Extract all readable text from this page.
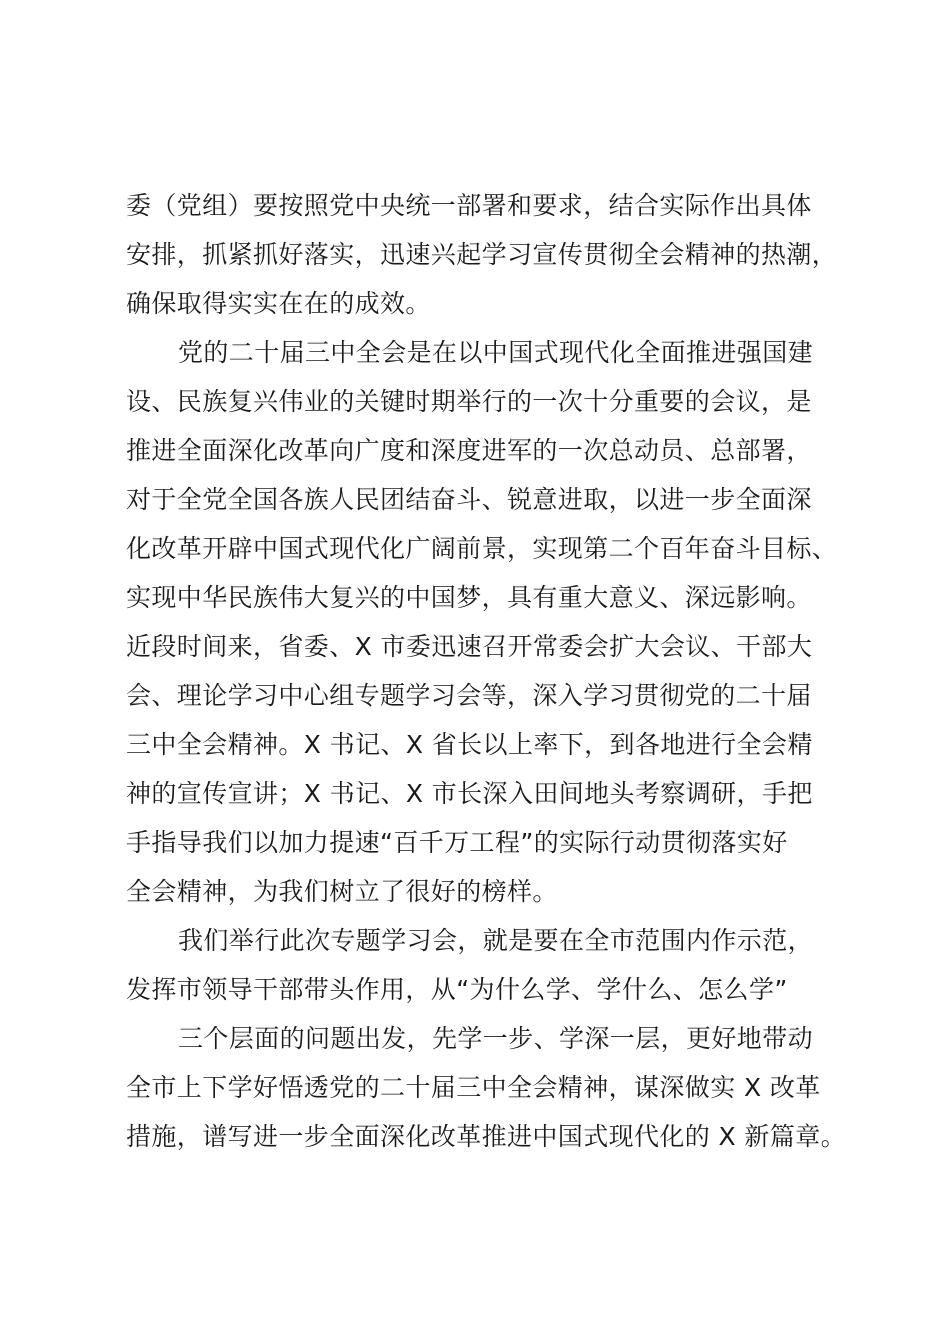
委（党组）要按照党中央统一部署和要求，结合实际作出具体
安排，抓紧抓好落实，迅速兴起学习宣传贯彻全会精神的热潮，
确保取得实实在在的成效。
党的二十届三中全会是在以中国式现代化全面推进强国建
设、民族复兴伟业的关键时期举行的一次十分重要的会议，是
推进全面深化改革向广度和深度进军的一次总动员、总部署，
对于全党全国各族人民团结奋斗、锐意进取，以进一步全面深
化改革开辟中国式现代化广阔前景，实现第二个百年奋斗目标、
实现中华民族伟大复兴的中国梦，具有重大意义、深远影响。
近段时间来，省委、X 市委迅速召开常委会扩大会议、干部大
会、理论学习中心组专题学习会等，深入学习贯彻党的二十届
三中全会精神。X 书记、X 省长以上率下，到各地进行全会精
神的宣传宣讲；X 书记、X 市长深入田间地头考察调研，手把
手指导我们以加力提速“百千万工程”的实际行动贯彻落实好
全会精神，为我们树立了很好的榜样。
我们举行此次专题学习会，就是要在全市范围内作示范，
发挥市领导干部带头作用，从“为什么学、学什么、怎么学”
三个层面的问题出发，先学一步、学深一层，更好地带动
全市上下学好悟透党的二十届三中全会精神，谋深做实 X 改革
措施，谱写进一步全面深化改革推进中国式现代化的 X 新篇章。
